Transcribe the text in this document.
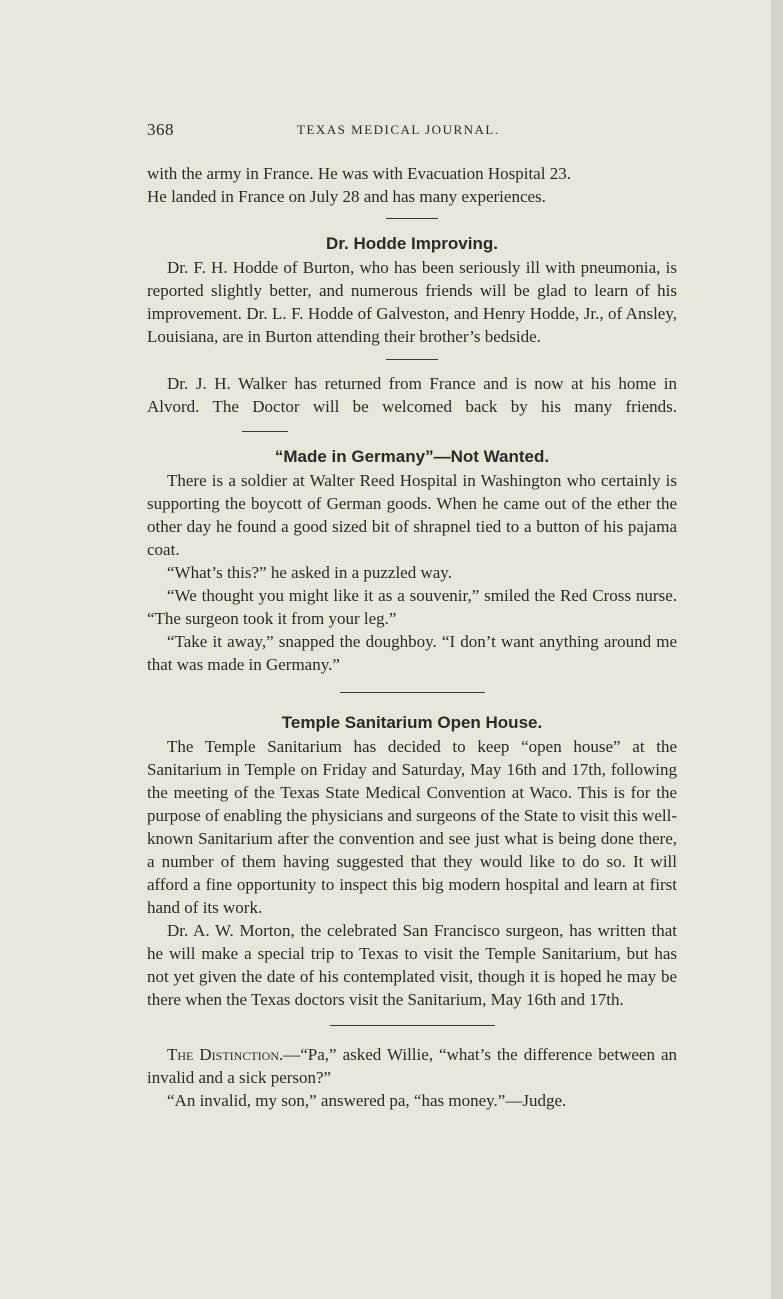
368	TEXAS MEDICAL JOURNAL.

with the army in France. He was with Evacuation Hospital 23.

He landed in France on July 28 and has many experiences.

Dr. Hodde Improving.

Dr. F. H. Hodde of Burton, who has been seriously ill with pneumonia, is reported slightly better, and numerous friends will be glad to learn of his improvement. Dr. L. F. Hodde of Galveston, and Henry Hodde, Jr., of Ansley, Louisiana, are in Burton attending their brother’s bedside.

Dr. J. H. Walker has returned from France and is now at his home in Alvord. The Doctor will be welcomed back by his many friends.

“Made in Germany”—Not Wanted.

There is a soldier at Walter Reed Hospital in Washington who certainly is supporting the boycott of German goods. When he came out of the ether the other day he found a good sized bit of shrapnel tied to a button of his pajama coat.

“What’s this?” he asked in a puzzled way.

“We thought you might like it as a souvenir,” smiled the Red Cross nurse. “The surgeon took it from your leg.”

“Take it away,” snapped the doughboy. “I don’t want anything around me that was made in Germany.”

Temple Sanitarium Open House.

The Temple Sanitarium has decided to keep “open house” at the Sanitarium in Temple on Friday and Saturday, May 16th and 17th, following the meeting of the Texas State Medical Convention at Waco. This is for the purpose of enabling the physicians and surgeons of the State to visit this well-known Sanitarium after the convention and see just what is being done there, a number of them having suggested that they would like to do so. It will afford a fine opportunity to inspect this big modern hospital and learn at first hand of its work.

Dr. A. W. Morton, the celebrated San Francisco surgeon, has written that he will make a special trip to Texas to visit the Temple Sanitarium, but has not yet given the date of his contemplated visit, though it is hoped he may be there when the Texas doctors visit the Sanitarium, May 16th and 17th.

The Distinction.—“Pa,” asked Willie, “what’s the difference between an invalid and a sick person?”

“An invalid, my son,” answered pa, “has money.”—Judge.
